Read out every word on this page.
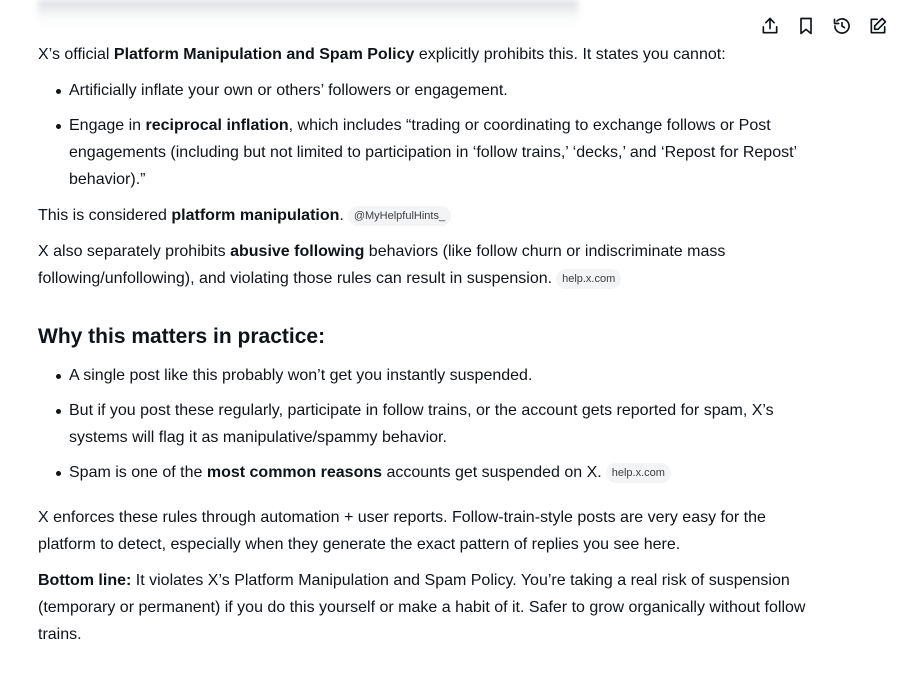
X’s official Platform Manipulation and Spam Policy explicitly prohibits this. It states you cannot:

Artificially inflate your own or others’ followers or engagement.
Engage in reciprocal inflation, which includes “trading or coordinating to exchange follows or Post engagements (including but not limited to participation in ‘follow trains,’ ‘decks,’ and ‘Repost for Repost’ behavior).”

This is considered platform manipulation. @MyHelpfulHints_

X also separately prohibits abusive following behaviors (like follow churn or indiscriminate mass following/unfollowing), and violating those rules can result in suspension. help.x.com

Why this matters in practice:
A single post like this probably won’t get you instantly suspended.
But if you post these regularly, participate in follow trains, or the account gets reported for spam, X’s systems will flag it as manipulative/spammy behavior.
Spam is one of the most common reasons accounts get suspended on X. help.x.com

X enforces these rules through automation + user reports. Follow-train-style posts are very easy for the platform to detect, especially when they generate the exact pattern of replies you see here.

Bottom line: It violates X’s Platform Manipulation and Spam Policy. You’re taking a real risk of suspension (temporary or permanent) if you do this yourself or make a habit of it. Safer to grow organically without follow trains.
